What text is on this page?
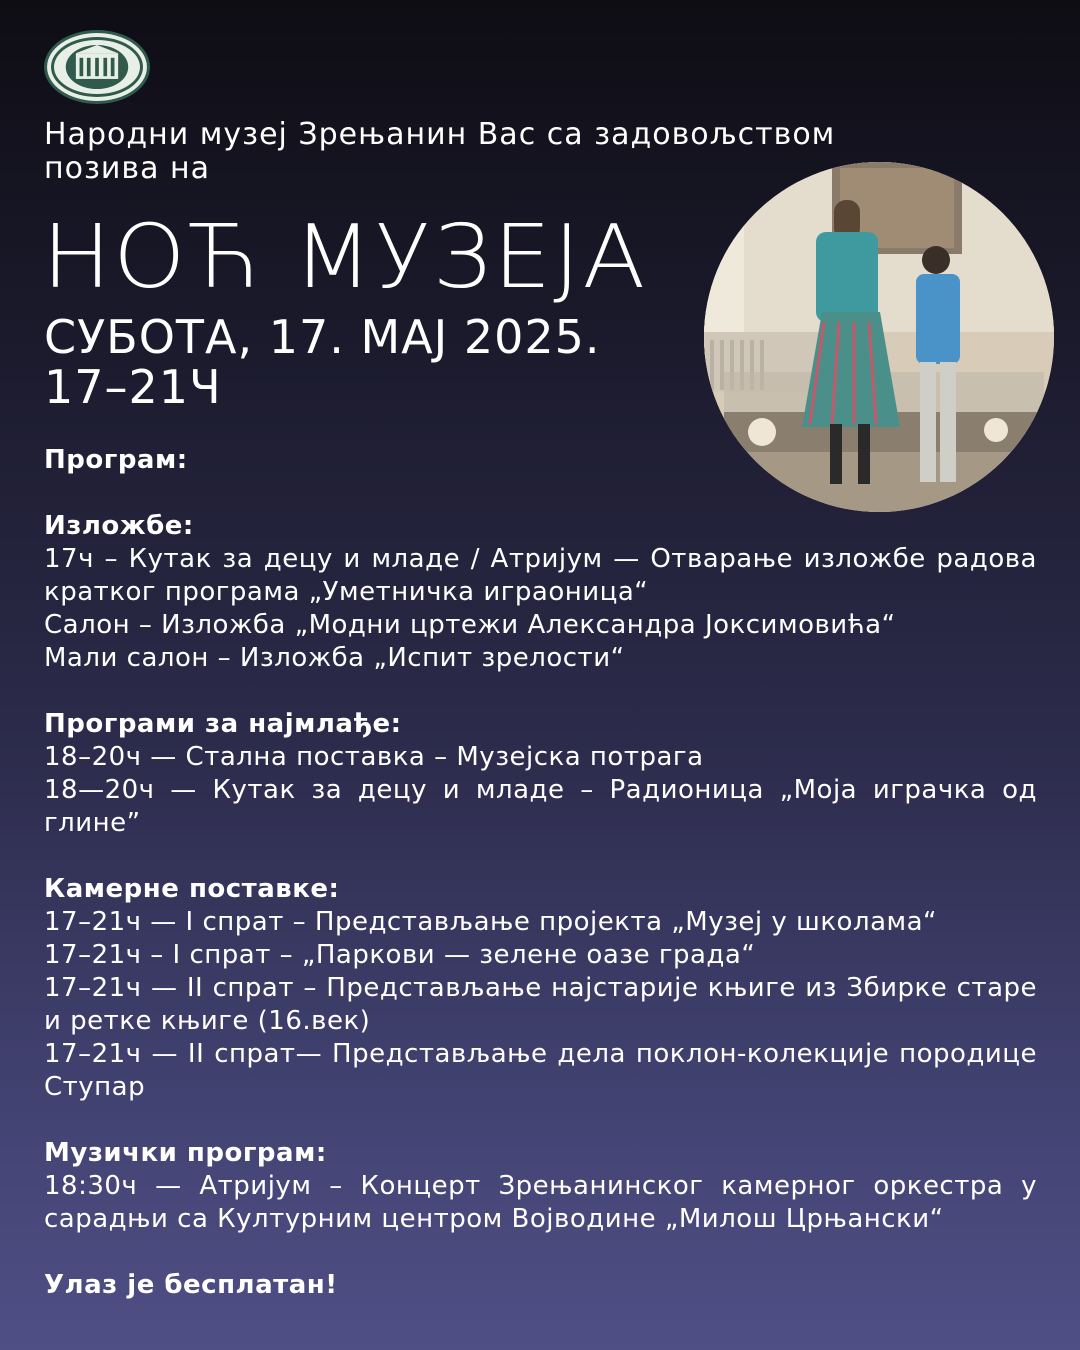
Народни музеј Зрењанин Вас са задовољством позива на
НОЋ МУЗЕЈА
СУБОТА, 17. МАЈ 2025.
17–21Ч
Програм:
Изложбе:
17ч – Кутак за децу и младе / Атријум — Отварање изложбе радова кратког програма „Уметничка играоница“
Салон – Изложба „Модни цртежи Александра Јоксимовића“
Мали салон – Изложба „Испит зрелости“
Програми за најмлађе:
18–20ч — Стална поставка – Музејска потрага
18—20ч — Кутак за децу и младе – Радионица „Моја играчка од глине”
Камерне поставке:
17–21ч — I спрат – Представљање пројекта „Музеј у школама“
17–21ч – I спрат – „Паркови — зелене оазе града“
17–21ч — II спрат – Представљање најстарије књиге из Збирке старе и ретке књиге (16.век)
17–21ч — II спрат— Представљање дела поклон-колекције породице Ступар
Музички програм:
18:30ч — Атријум – Концерт Зрењанинског камерног оркестра у сарадњи са Културним центром Војводине „Милош Црњански“
Улаз је бесплатан!
